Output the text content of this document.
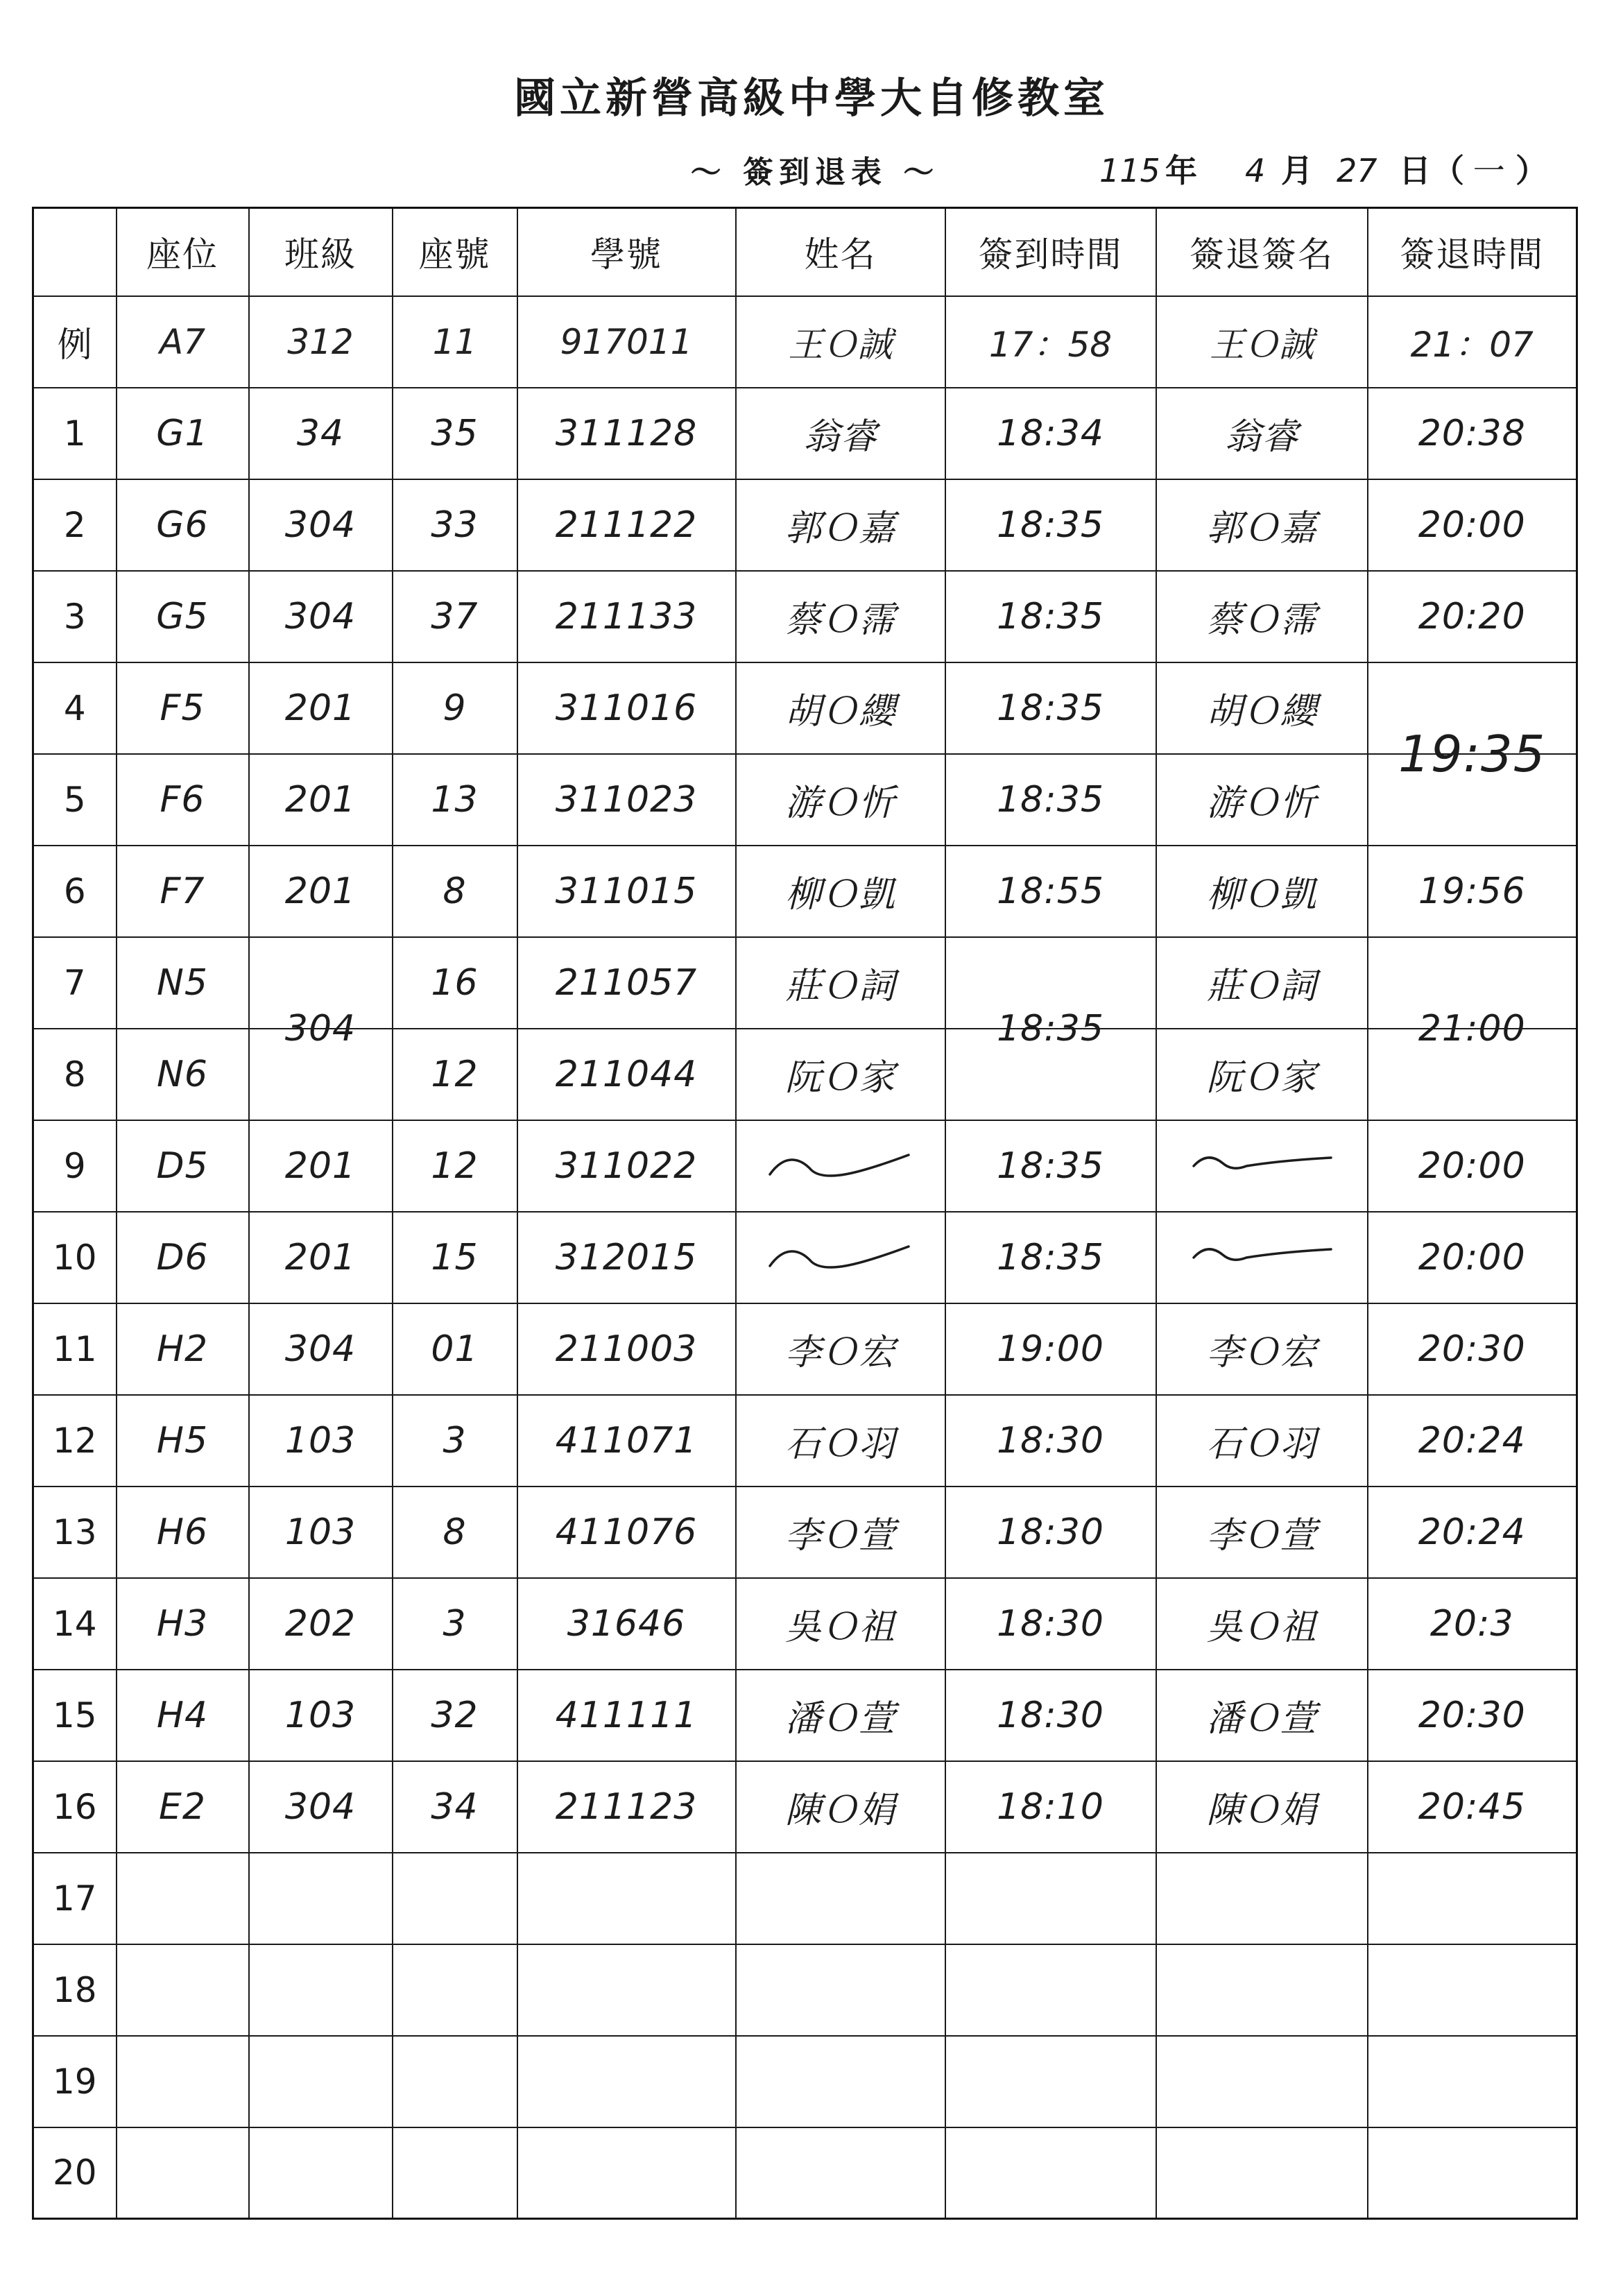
國立新營高級中學大自修教室
～ 簽到退表 ～	115 年 4 月 27 日 （ 一 ）
	座位	班級	座號	學號	姓名	簽到時間	簽退簽名	簽退時間
例	A7	312	11	917011	王Ｏ誠	17：58	王Ｏ誠	21：07
1	G1	34	35	311128	翁睿	18:34	翁睿	20:38
2	G6	304	33	211122	郭Ｏ嘉	18:35	郭Ｏ嘉	20:00
3	G5	304	37	211133	蔡Ｏ霈	18:35	蔡Ｏ霈	20:20
4	F5	201	9	311016	胡Ｏ纓	18:35	胡Ｏ纓	19:35
5	F6	201	13	311023	游Ｏ忻	18:35	游Ｏ忻	
6	F7	201	8	311015	柳Ｏ凱	18:55	柳Ｏ凱	19:56
7	N5	304	16	211057	莊Ｏ詞	18:35	莊Ｏ詞	21:00
8	N6		12	211044	阮Ｏ家		阮Ｏ家	
9	D5	201	12	311022		18:35		20:00
10	D6	201	15	312015		18:35		20:00
11	H2	304	01	211003	李Ｏ宏	19:00	李Ｏ宏	20:30
12	H5	103	3	411071	石Ｏ羽	18:30	石Ｏ羽	20:24
13	H6	103	8	411076	李Ｏ萱	18:30	李Ｏ萱	20:24
14	H3	202	3	31646	吳Ｏ祖	18:30	吳Ｏ祖	20:3
15	H4	103	32	411111	潘Ｏ萱	18:30	潘Ｏ萱	20:30
16	E2	304	34	211123	陳Ｏ娟	18:10	陳Ｏ娟	20:45
17								
18								
19								
20								
